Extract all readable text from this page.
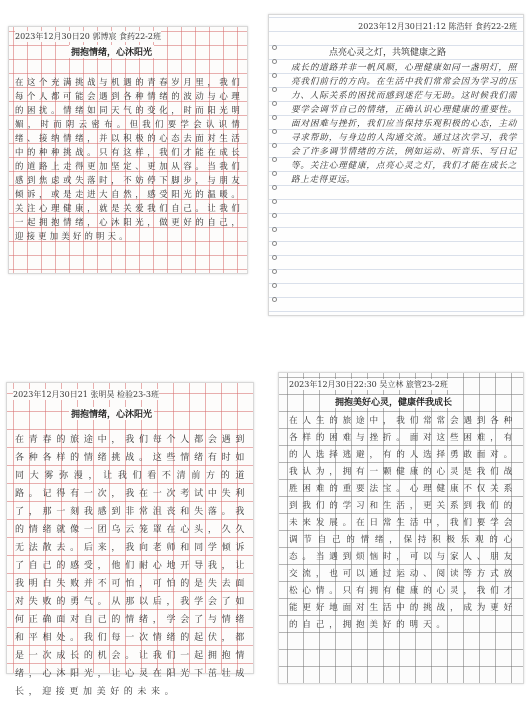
2023年12月30日20 郭博宸 食药22-2班
拥抱情绪，心沐阳光
在这个充满挑战与机遇的青春岁月里，我们每个人都可能会遇到各种情绪的波动与心理的困扰。情绪如同天气的变化，时而阳光明媚，时而阴云密布。但我们要学会认识情绪、接纳情绪，并以积极的心态去面对生活中的种种挑战。只有这样，我们才能在成长的道路上走得更加坚定、更加从容。当我们感到焦虑或失落时，不妨停下脚步，与朋友倾诉，或是走进大自然，感受阳光的温暖。关注心理健康，就是关爱我们自己。让我们一起拥抱情绪，心沐阳光，做更好的自己，迎接更加美好的明天。
2023年12月30日21:12 陈浩轩 食药22-2班
点亮心灵之灯，共筑健康之路
成长的道路并非一帆风顺，心理健康如同一盏明灯，照亮我们前行的方向。在生活中我们常常会因为学习的压力、人际关系的困扰而感到迷茫与无助。这时候我们需要学会调节自己的情绪，正确认识心理健康的重要性。面对困难与挫折，我们应当保持乐观积极的心态，主动寻求帮助，与身边的人沟通交流。通过这次学习，我学会了许多调节情绪的方法，例如运动、听音乐、写日记等。关注心理健康，点亮心灵之灯，我们才能在成长之路上走得更远。
2023年12月30日21 张明昊 检验23-3班
拥抱情绪，心沐阳光
在青春的旅途中，我们每个人都会遇到各种各样的情绪挑战。这些情绪有时如同大雾弥漫，让我们看不清前方的道路。记得有一次，我在一次考试中失利了，那一刻我感到非常沮丧和失落。我的情绪就像一团乌云笼罩在心头，久久无法散去。后来，我向老师和同学倾诉了自己的感受，他们耐心地开导我，让我明白失败并不可怕，可怕的是失去面对失败的勇气。从那以后，我学会了如何正确面对自己的情绪，学会了与情绪和平相处。我们每一次情绪的起伏，都是一次成长的机会。让我们一起拥抱情绪，心沐阳光，让心灵在阳光下茁壮成长，迎接更加美好的未来。
2023年12月30日22:30 吴立林 旅管23-2班
拥抱美好心灵，健康伴我成长
在人生的旅途中，我们常常会遇到各种各样的困难与挫折。面对这些困难，有的人选择逃避，有的人选择勇敢面对。我认为，拥有一颗健康的心灵是我们战胜困难的重要法宝。心理健康不仅关系到我们的学习和生活，更关系到我们的未来发展。在日常生活中，我们要学会调节自己的情绪，保持积极乐观的心态。当遇到烦恼时，可以与家人、朋友交流，也可以通过运动、阅读等方式放松心情。只有拥有健康的心灵，我们才能更好地面对生活中的挑战，成为更好的自己，拥抱美好的明天。
